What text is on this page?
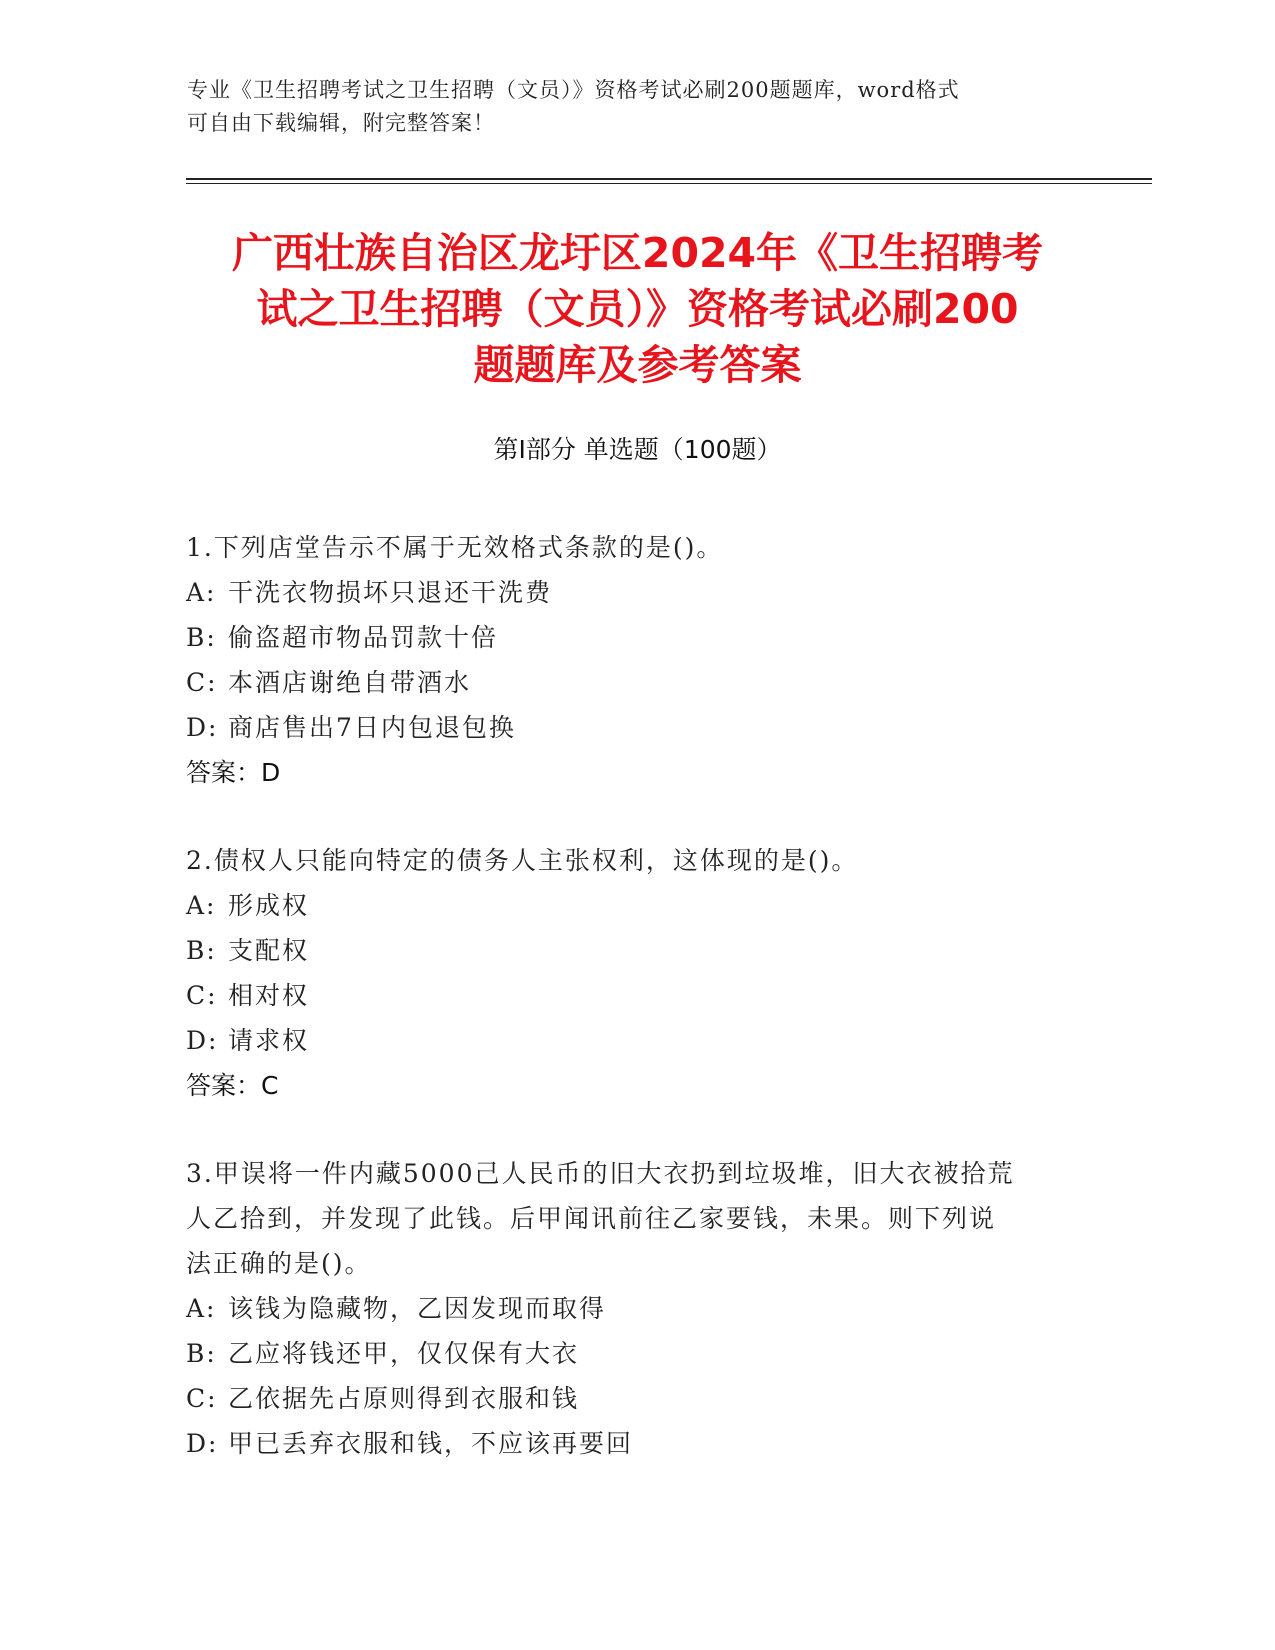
专业《卫生招聘考试之卫生招聘（文员）》资格考试必刷200题题库，word格式
可自由下载编辑，附完整答案！
广西壮族自治区龙圩区2024年《卫生招聘考
试之卫生招聘（文员）》资格考试必刷200
题题库及参考答案
第Ⅰ部分 单选题（100题）
1.下列店堂告示不属于无效格式条款的是()。
A: 干洗衣物损坏只退还干洗费
B: 偷盗超市物品罚款十倍
C: 本酒店谢绝自带酒水
D: 商店售出7日内包退包换
答案：D
2.债权人只能向特定的债务人主张权利，这体现的是()。
A: 形成权
B: 支配权
C: 相对权
D: 请求权
答案：C
3.甲误将一件内藏5000己人民币的旧大衣扔到垃圾堆，旧大衣被拾荒
人乙拾到，并发现了此钱。后甲闻讯前往乙家要钱，未果。则下列说
法正确的是()。
A: 该钱为隐藏物，乙因发现而取得
B: 乙应将钱还甲，仅仅保有大衣
C: 乙依据先占原则得到衣服和钱
D: 甲已丢弃衣服和钱，不应该再要回
